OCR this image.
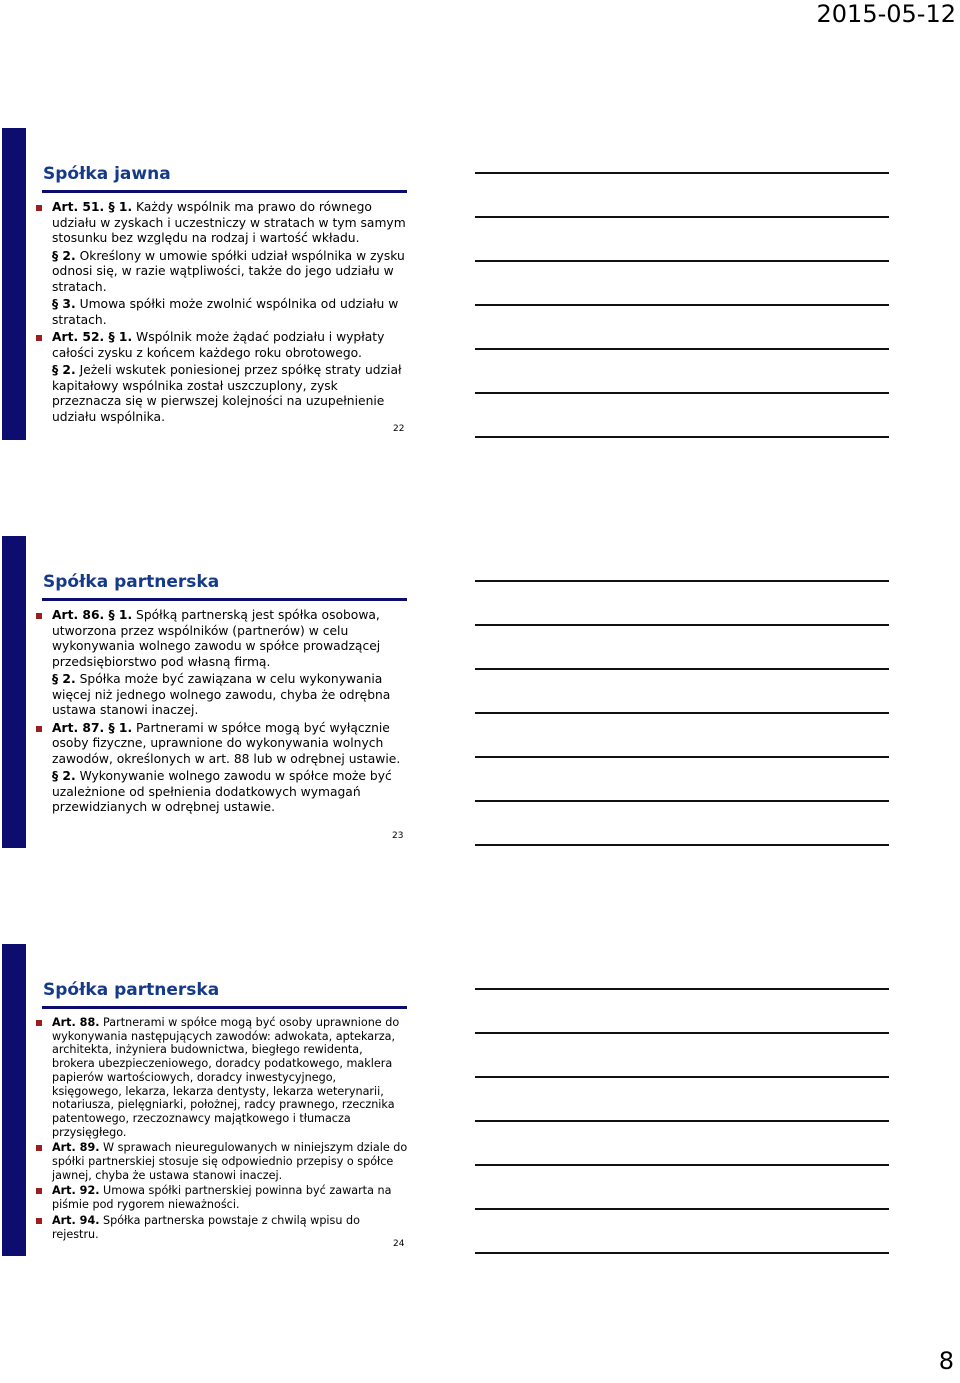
2015-05-12
Spółka jawna
Art. 51. § 1. Każdy wspólnik ma prawo do równego udziału w zyskach i uczestniczy w stratach w tym samym stosunku bez względu na rodzaj i wartość wkładu.
§ 2. Określony w umowie spółki udział wspólnika w zysku odnosi się, w razie wątpliwości, także do jego udziału w stratach.
§ 3. Umowa spółki może zwolnić wspólnika od udziału w stratach.
Art. 52. § 1. Wspólnik może żądać podziału i wypłaty całości zysku z końcem każdego roku obrotowego.
§ 2. Jeżeli wskutek poniesionej przez spółkę straty udział kapitałowy wspólnika został uszczuplony, zysk przeznacza się w pierwszej kolejności na uzupełnienie udziału wspólnika.
22
Spółka partnerska
Art. 86. § 1. Spółką partnerską jest spółka osobowa, utworzona przez wspólników (partnerów) w celu wykonywania wolnego zawodu w spółce prowadzącej przedsiębiorstwo pod własną firmą.
§ 2. Spółka może być zawiązana w celu wykonywania więcej niż jednego wolnego zawodu, chyba że odrębna ustawa stanowi inaczej.
Art. 87. § 1. Partnerami w spółce mogą być wyłącznie osoby fizyczne, uprawnione do wykonywania wolnych zawodów, określonych w art. 88 lub w odrębnej ustawie.
§ 2. Wykonywanie wolnego zawodu w spółce może być uzależnione od spełnienia dodatkowych wymagań przewidzianych w odrębnej ustawie.
23
Spółka partnerska
Art. 88. Partnerami w spółce mogą być osoby uprawnione do wykonywania następujących zawodów: adwokata, aptekarza, architekta, inżyniera budownictwa, biegłego rewidenta, brokera ubezpieczeniowego, doradcy podatkowego, maklera papierów wartościowych, doradcy inwestycyjnego, księgowego, lekarza, lekarza dentysty, lekarza weterynarii, notariusza, pielęgniarki, położnej, radcy prawnego, rzecznika patentowego, rzeczoznawcy majątkowego i tłumacza przysięgłego.
Art. 89. W sprawach nieuregulowanych w niniejszym dziale do spółki partnerskiej stosuje się odpowiednio przepisy o spółce jawnej, chyba że ustawa stanowi inaczej.
Art. 92. Umowa spółki partnerskiej powinna być zawarta na piśmie pod rygorem nieważności.
Art. 94. Spółka partnerska powstaje z chwilą wpisu do rejestru.
24
8
